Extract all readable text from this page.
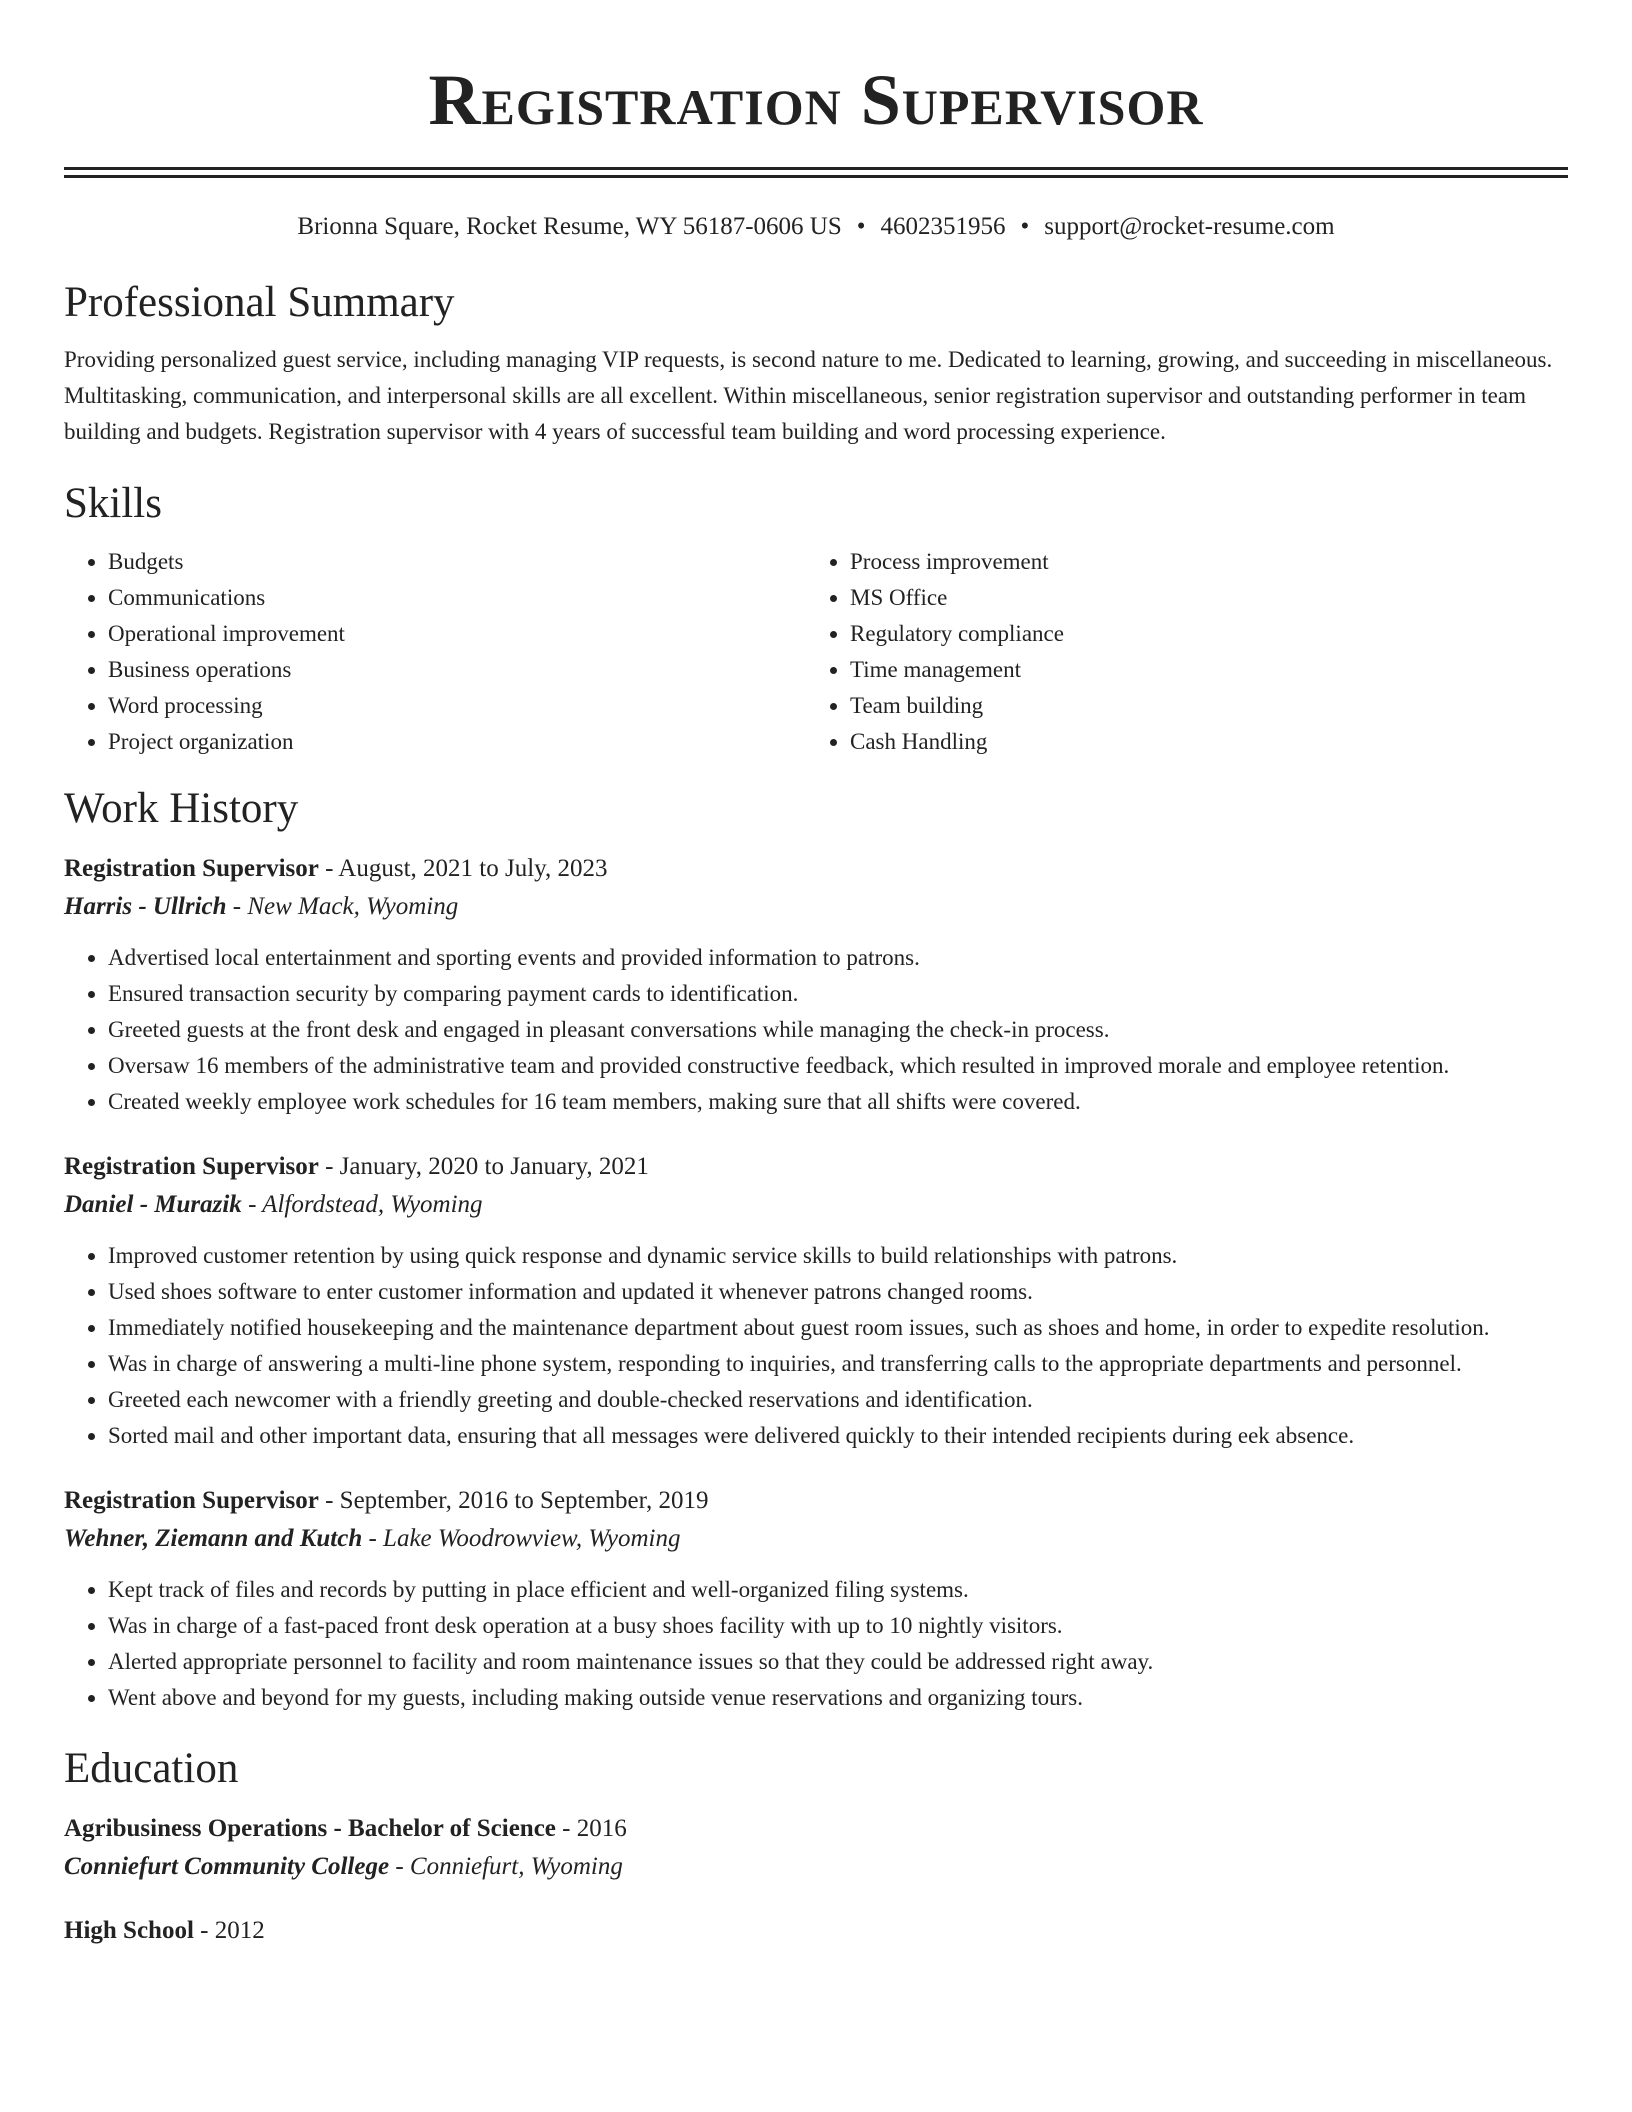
Registration Supervisor
Brionna Square, Rocket Resume, WY 56187-0606 US • 4602351956 • support@rocket-resume.com
Professional Summary

Providing personalized guest service, including managing VIP requests, is second nature to me. Dedicated to learning, growing, and succeeding in miscellaneous. Multitasking, communication, and interpersonal skills are all excellent. Within miscellaneous, senior registration supervisor and outstanding performer in team building and budgets. Registration supervisor with 4 years of successful team building and word processing experience.

Skills
• Budgets
• Communications
• Operational improvement
• Business operations
• Word processing
• Project organization
• Process improvement
• MS Office
• Regulatory compliance
• Time management
• Team building
• Cash Handling
Work History
Registration Supervisor - August, 2021 to July, 2023
Harris - Ullrich - New Mack, Wyoming
• Advertised local entertainment and sporting events and provided information to patrons.
• Ensured transaction security by comparing payment cards to identification.
• Greeted guests at the front desk and engaged in pleasant conversations while managing the check-in process.
• Oversaw 16 members of the administrative team and provided constructive feedback, which resulted in improved morale and employee retention.
• Created weekly employee work schedules for 16 team members, making sure that all shifts were covered.
Registration Supervisor - January, 2020 to January, 2021
Daniel - Murazik - Alfordstead, Wyoming
• Improved customer retention by using quick response and dynamic service skills to build relationships with patrons.
• Used shoes software to enter customer information and updated it whenever patrons changed rooms.
• Immediately notified housekeeping and the maintenance department about guest room issues, such as shoes and home, in order to expedite resolution.
• Was in charge of answering a multi-line phone system, responding to inquiries, and transferring calls to the appropriate departments and personnel.
• Greeted each newcomer with a friendly greeting and double-checked reservations and identification.
• Sorted mail and other important data, ensuring that all messages were delivered quickly to their intended recipients during eek absence.
Registration Supervisor - September, 2016 to September, 2019
Wehner, Ziemann and Kutch - Lake Woodrowview, Wyoming
• Kept track of files and records by putting in place efficient and well-organized filing systems.
• Was in charge of a fast-paced front desk operation at a busy shoes facility with up to 10 nightly visitors.
• Alerted appropriate personnel to facility and room maintenance issues so that they could be addressed right away.
• Went above and beyond for my guests, including making outside venue reservations and organizing tours.
Education
Agribusiness Operations - Bachelor of Science - 2016
Conniefurt Community College - Conniefurt, Wyoming
High School - 2012
